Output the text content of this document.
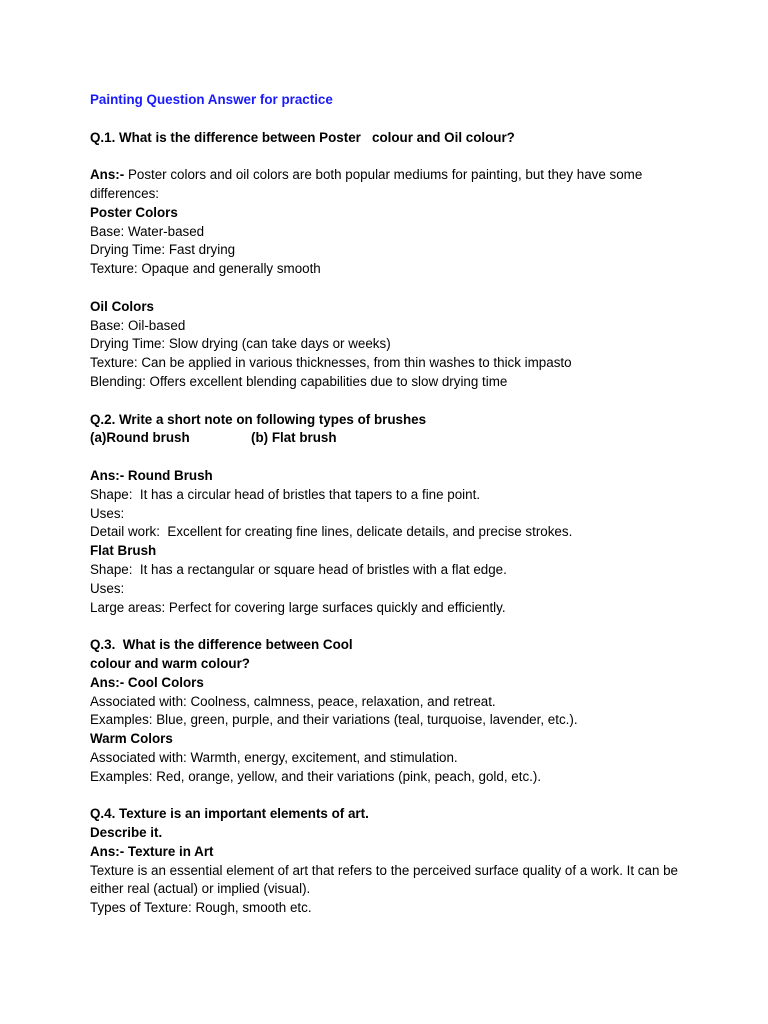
Painting Question Answer for practice
Q.1. What is the difference between Poster   colour and Oil colour?
Ans:- Poster colors and oil colors are both popular mediums for painting, but they have some differences:
Poster Colors
Base: Water-based
Drying Time: Fast drying
Texture: Opaque and generally smooth
Oil Colors
Base: Oil-based
Drying Time: Slow drying (can take days or weeks)
Texture: Can be applied in various thicknesses, from thin washes to thick impasto
Blending: Offers excellent blending capabilities due to slow drying time
Q.2. Write a short note on following types of brushes
(a)Round brush	(b) Flat brush
Ans:- Round Brush
Shape:  It has a circular head of bristles that tapers to a fine point.
Uses:
Detail work:  Excellent for creating fine lines, delicate details, and precise strokes.
Flat Brush
Shape:  It has a rectangular or square head of bristles with a flat edge.
Uses:
Large areas: Perfect for covering large surfaces quickly and efficiently.
Q.3.  What is the difference between Cool
colour and warm colour?
Ans:- Cool Colors
Associated with: Coolness, calmness, peace, relaxation, and retreat.
Examples: Blue, green, purple, and their variations (teal, turquoise, lavender, etc.).
Warm Colors
Associated with: Warmth, energy, excitement, and stimulation.
Examples: Red, orange, yellow, and their variations (pink, peach, gold, etc.).
Q.4. Texture is an important elements of art.
Describe it.
Ans:- Texture in Art
Texture is an essential element of art that refers to the perceived surface quality of a work. It can be either real (actual) or implied (visual).
Types of Texture: Rough, smooth etc.
